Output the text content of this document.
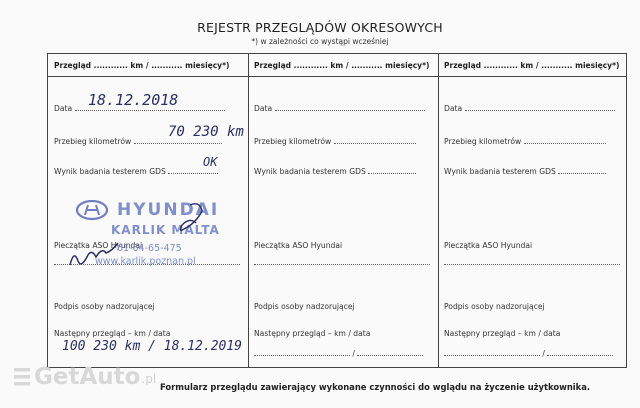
REJESTR PRZEGLĄDÓW OKRESOWYCH
*) w zależności co wystąpi wcześniej
Przegląd ............ km / ........... miesięcy*)
Data	18.12.2018
Przebieg kilometrów
70 230 km
Wynik badania testerem GDS
OK
Pieczątka ASO Hyundai
Podpis osoby nadzorującej
Następny przegląd – km / data
100 230 km / 18.12.2019
Przegląd ............ km / ........... miesięcy*)
Data
Przebieg kilometrów
Wynik badania testerem GDS
Pieczątka ASO Hyundai
Podpis osoby nadzorującej
Następny przegląd – km / data
/
Przegląd ............ km / ........... miesięcy*)
Data
Przebieg kilometrów
Wynik badania testerem GDS
Pieczątka ASO Hyundai
Podpis osoby nadzorującej
Następny przegląd – km / data
/
HYUNDAI
KARLIK MALTA
61-64-65-475
www.karlik.poznan.pl
Formularz przeglądu zawierający wykonane czynności do wglądu na życzenie użytkownika.
GetAuto .pl
